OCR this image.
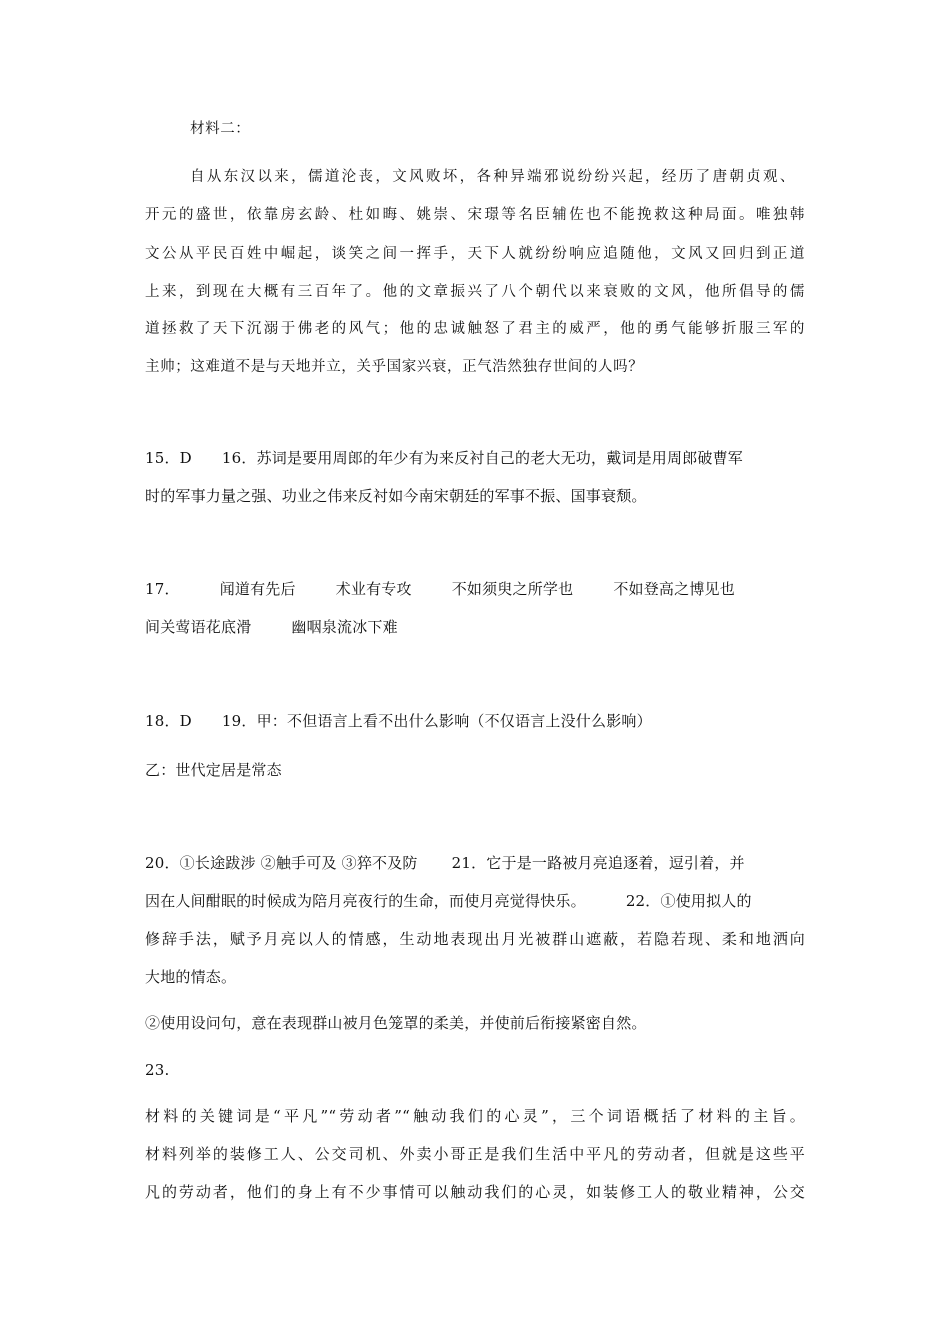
材料二：
自从东汉以来，儒道沦丧，文风败坏，各种异端邪说纷纷兴起，经历了唐朝贞观、
开元的盛世，依靠房玄龄、杜如晦、姚崇、宋璟等名臣辅佐也不能挽救这种局面。唯独韩
文公从平民百姓中崛起，谈笑之间一挥手，天下人就纷纷响应追随他，文风又回归到正道
上来，到现在大概有三百年了。他的文章振兴了八个朝代以来衰败的文风，他所倡导的儒
道拯救了天下沉溺于佛老的风气；他的忠诚触怒了君主的威严，他的勇气能够折服三军的
主帅；这难道不是与天地并立，关乎国家兴衰，正气浩然独存世间的人吗？
15．D 16．苏词是要用周郎的年少有为来反衬自己的老大无功，戴词是用周郎破曹军
时的军事力量之强、功业之伟来反衬如今南宋朝廷的军事不振、国事衰颓。
17．	闻道有先后	术业有专攻	不如须臾之所学也	不如登高之博见也
间关莺语花底滑	幽咽泉流冰下难
18．D 19．甲：不但语言上看不出什么影响（不仅语言上没什么影响）
乙：世代定居是常态
20．①长途跋涉 ②触手可及 ③猝不及防 21．它于是一路被月亮追逐着，逗引着，并
因在人间酣眠的时候成为陪月亮夜行的生命，而使月亮觉得快乐。	22．①使用拟人的
修辞手法，赋予月亮以人的情感，生动地表现出月光被群山遮蔽，若隐若现、柔和地洒向
大地的情态。
②使用设问句，意在表现群山被月色笼罩的柔美，并使前后衔接紧密自然。
23.
材料的关键词是“平凡”“劳动者”“触动我们的心灵”，三个词语概括了材料的主旨。
材料列举的装修工人、公交司机、外卖小哥正是我们生活中平凡的劳动者，但就是这些平
凡的劳动者，他们的身上有不少事情可以触动我们的心灵，如装修工人的敬业精神，公交
